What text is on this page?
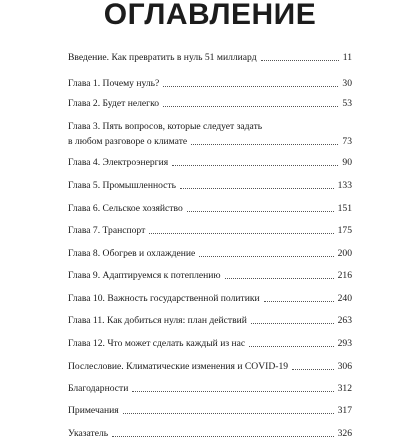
ОГЛАВЛЕНИЕ
Введение. Как превратить в нуль 51 миллиард	11
Глава 1. Почему нуль?	30
Глава 2. Будет нелегко	53
Глава 3. Пять вопросов, которые следует задать
в любом разговоре о климате	73
Глава 4. Электроэнергия	90
Глава 5. Промышленность	133
Глава 6. Сельское хозяйство	151
Глава 7. Транспорт	175
Глава 8. Обогрев и охлаждение	200
Глава 9. Адаптируемся к потеплению	216
Глава 10. Важность государственной политики	240
Глава 11. Как добиться нуля: план действий	263
Глава 12. Что может сделать каждый из нас	293
Послесловие. Климатические изменения и COVID-19	306
Благодарности	312
Примечания	317
Указатель	326
